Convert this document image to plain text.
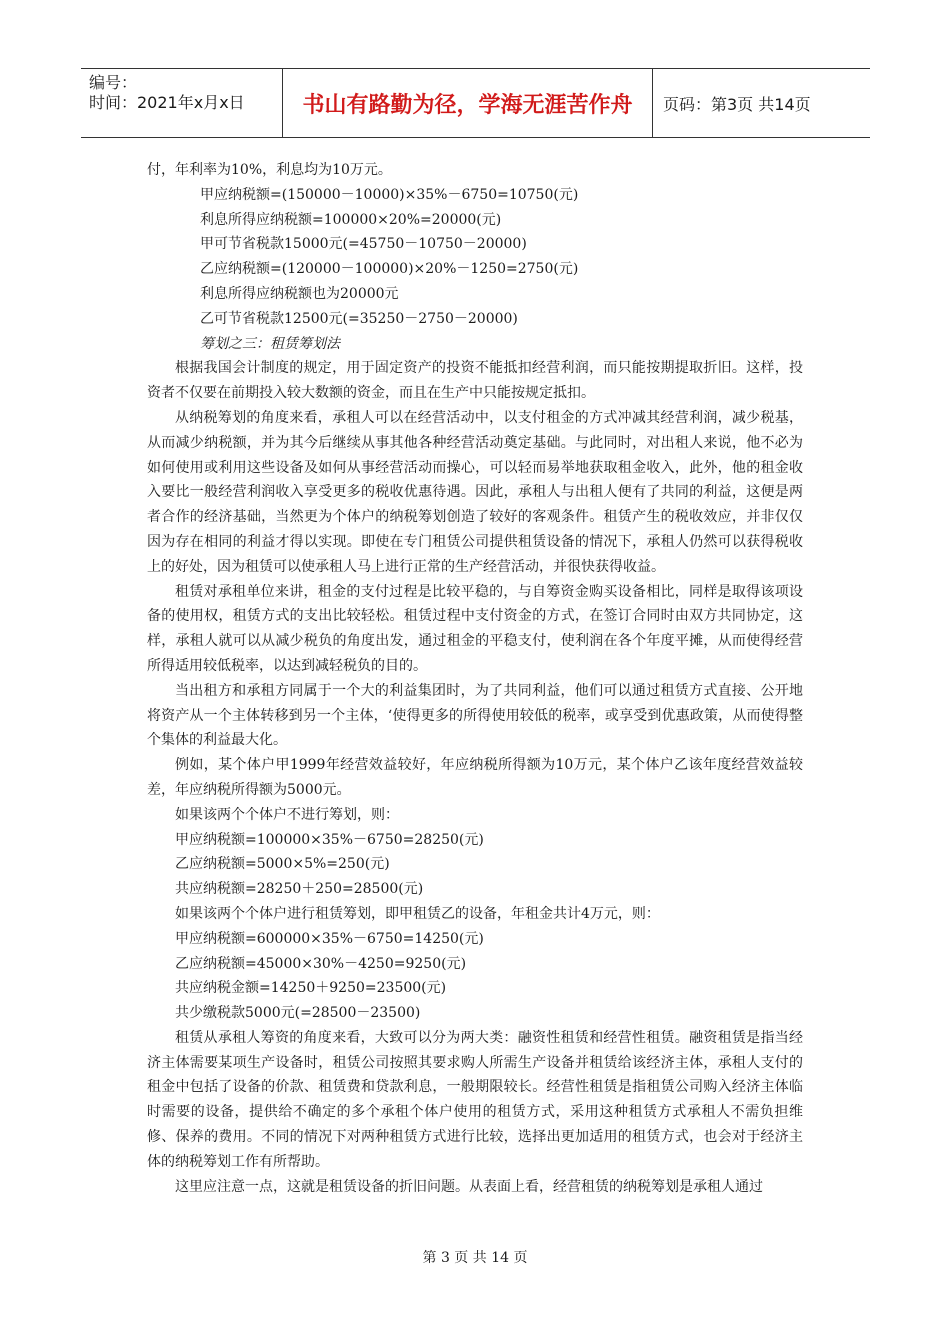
编号：
时间：2021年x月x日	书山有路勤为径，学海无涯苦作舟	页码：第3页 共14页

付，年利率为10%，利息均为10万元。

甲应纳税额=(150000－10000)×35%－6750=10750(元)

利息所得应纳税额=100000×20%=20000(元)

甲可节省税款15000元(=45750－10750－20000)

乙应纳税额=(120000－100000)×20%－1250=2750(元)

利息所得应纳税额也为20000元

乙可节省税款12500元(=35250－2750－20000)

筹划之三：租赁筹划法

根据我国会计制度的规定，用于固定资产的投资不能抵扣经营利润，而只能按期提取折旧。这样，投资者不仅要在前期投入较大数额的资金，而且在生产中只能按规定抵扣。

从纳税筹划的角度来看，承租人可以在经营活动中，以支付租金的方式冲减其经营利润，减少税基，从而减少纳税额，并为其今后继续从事其他各种经营活动奠定基础。与此同时，对出租人来说，他不必为如何使用或利用这些设备及如何从事经营活动而操心，可以轻而易举地获取租金收入，此外，他的租金收入要比一般经营利润收入享受更多的税收优惠待遇。因此，承租人与出租人便有了共同的利益，这便是两者合作的经济基础，当然更为个体户的纳税筹划创造了较好的客观条件。租赁产生的税收效应，并非仅仅因为存在相同的利益才得以实现。即使在专门租赁公司提供租赁设备的情况下，承租人仍然可以获得税收上的好处，因为租赁可以使承租人马上进行正常的生产经营活动，并很快获得收益。

租赁对承租单位来讲，租金的支付过程是比较平稳的，与自筹资金购买设备相比，同样是取得该项设备的使用权，租赁方式的支出比较轻松。租赁过程中支付资金的方式，在签订合同时由双方共同协定，这样，承租人就可以从减少税负的角度出发，通过租金的平稳支付，使利润在各个年度平摊，从而使得经营所得适用较低税率，以达到减轻税负的目的。

当出租方和承租方同属于一个大的利益集团时，为了共同利益，他们可以通过租赁方式直接、公开地将资产从一个主体转移到另一个主体，‘使得更多的所得使用较低的税率，或享受到优惠政策，从而使得整个集体的利益最大化。

例如，某个体户甲1999年经营效益较好，年应纳税所得额为10万元，某个体户乙该年度经营效益较差，年应纳税所得额为5000元。

如果该两个个体户不进行筹划，则：

甲应纳税额=100000×35%－6750=28250(元)

乙应纳税额=5000×5%=250(元)

共应纳税额=28250＋250=28500(元)

如果该两个个体户进行租赁筹划，即甲租赁乙的设备，年租金共计4万元，则：

甲应纳税额=600000×35%－6750=14250(元)

乙应纳税额=45000×30%－4250=9250(元)

共应纳税金额=14250＋9250=23500(元)

共少缴税款5000元(=28500－23500)

租赁从承租人筹资的角度来看，大致可以分为两大类：融资性租赁和经营性租赁。融资租赁是指当经济主体需要某项生产设备时，租赁公司按照其要求购人所需生产设备并租赁给该经济主体，承租人支付的租金中包括了设备的价款、租赁费和贷款利息，一般期限较长。经营性租赁是指租赁公司购入经济主体临时需要的设备，提供给不确定的多个承租个体户使用的租赁方式，采用这种租赁方式承租人不需负担维修、保养的费用。不同的情况下对两种租赁方式进行比较，选择出更加适用的租赁方式，也会对于经济主体的纳税筹划工作有所帮助。

这里应注意一点，这就是租赁设备的折旧问题。从表面上看，经营租赁的纳税筹划是承租人通过

第 3 页 共 14 页
